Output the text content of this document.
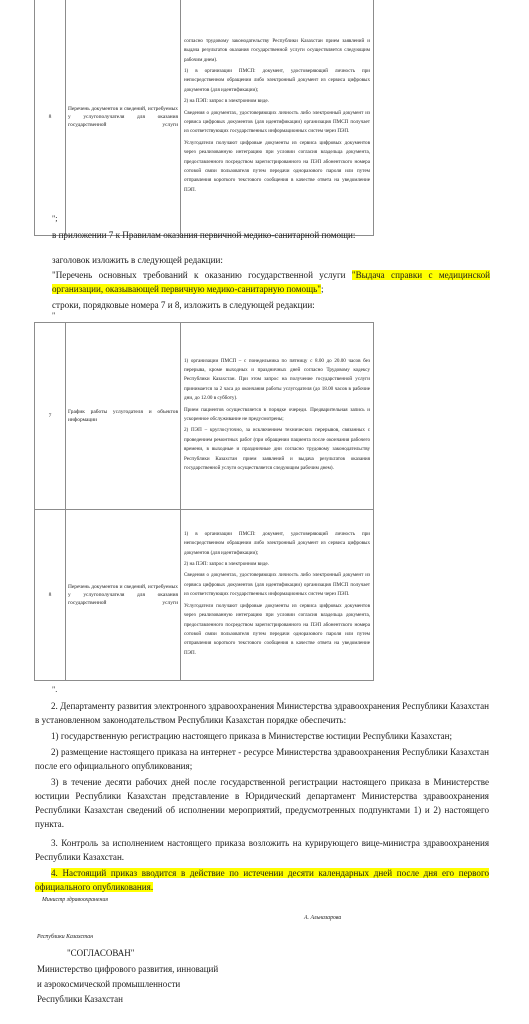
8	Перечень документов и сведений, истребуемых у услугополучателя для оказания государственной услуги	

согласно трудовому законодательству Республики Казахстан прием заявлений и выдача результатов оказания государственной услуги осуществляется следующим рабочим днем).

1) в организации ПМСП: документ, удостоверяющий личность при непосредственном обращении либо электронный документ из сервиса цифровых документов (для идентификации);

2) на ПЭП: запрос в электронном виде.

Сведения о документах, удостоверяющих личность либо электронный документ из сервиса цифровых документов (для идентификации) организация ПМСП получает из соответствующих государственных информационных систем через ПЭП.

Услугодатели получают цифровые документы из сервиса цифровых документов через реализованную интеграцию при условии согласия владельца документа, предоставленного посредством зарегистрированного на ПЭП абонентского номера сотовой связи пользователя путем передачи одноразового пароля или путем отправления короткого текстового сообщения в качестве ответа на уведомление ПЭП.

";
в приложении 7 к Правилам оказания первичной медико-санитарной помощи:
заголовок изложить в следующей редакции:
"Перечень основных требований к оказанию государственной услуги "Выдача справки с медицинской организации, оказывающей первичную медико-санитарную помощь";
строки, порядковые номера 7 и 8, изложить в следующей редакции:
"
7	График работы услугодателя и объектов информации	1) организации ПМСП – с понедельника по пятницу с 8.00 до 20.00 часов без перерыва, кроме выходных и праздничных дней согласно Трудовому кодексу Республики Казахстан. При этом запрос на получение государственной услуги принимается за 2 часа до окончания работы услугодателя (до 18.00 часов в рабочие дни, до 12.00 в субботу).

Прием пациентов осуществляется в порядке очереди. Предварительная запись и ускоренное обслуживание не предусмотрены;

2) ПЭП – круглосуточно, за исключением технических перерывов, связанных с проведением ремонтных работ (при обращении пациента после окончания рабочего времени, в выходные и праздничные дни согласно трудовому законодательству Республики Казахстан прием заявлений и выдача результатов оказания государственной услуги осуществляется следующим рабочим днем).

8	Перечень документов и сведений, истребуемых у услугополучателя для оказания государственной услуги	1) в организации ПМСП: документ, удостоверяющий личность при непосредственном обращении либо электронный документ из сервиса цифровых документов (для идентификации);

2) на ПЭП: запрос в электронном виде.

Сведения о документах, удостоверяющих личность либо электронный документ из сервиса цифровых документов (для идентификации) организация ПМСП получает из соответствующих государственных информационных систем через ПЭП.

Услугодатели получают цифровые документы из сервиса цифровых документов через реализованную интеграцию при условии согласия владельца документа, предоставленного посредством зарегистрированного на ПЭП абонентского номера сотовой связи пользователя путем передачи одноразового пароля или путем отправления короткого текстового сообщения в качестве ответа на уведомление ПЭП.

".
2. Департаменту развития электронного здравоохранения Министерства здравоохранения Республики Казахстан в установленном законодательством Республики Казахстан порядке обеспечить:
1) государственную регистрацию настоящего приказа в Министерстве юстиции Республики Казахстан;
2) размещение настоящего приказа на интернет - ресурсе Министерства здравоохранения Республики Казахстан после его официального опубликования;
3) в течение десяти рабочих дней после государственной регистрации настоящего приказа в Министерстве юстиции Республики Казахстан представление в Юридический департамент Министерства здравоохранения Республики Казахстан сведений об исполнении мероприятий, предусмотренных подпунктами 1) и 2) настоящего пункта.
3. Контроль за исполнением настоящего приказа возложить на курирующего вице-министра здравоохранения Республики Казахстан.
4. Настоящий приказ вводится в действие по истечении десяти календарных дней после дня его первого официального опубликования.
Министр здравоохранения
А. Альназарова
Республики Казахстан
"СОГЛАСОВАН"
Министерство цифрового развития, инноваций
и аэрокосмической промышленности
Республики Казахстан
